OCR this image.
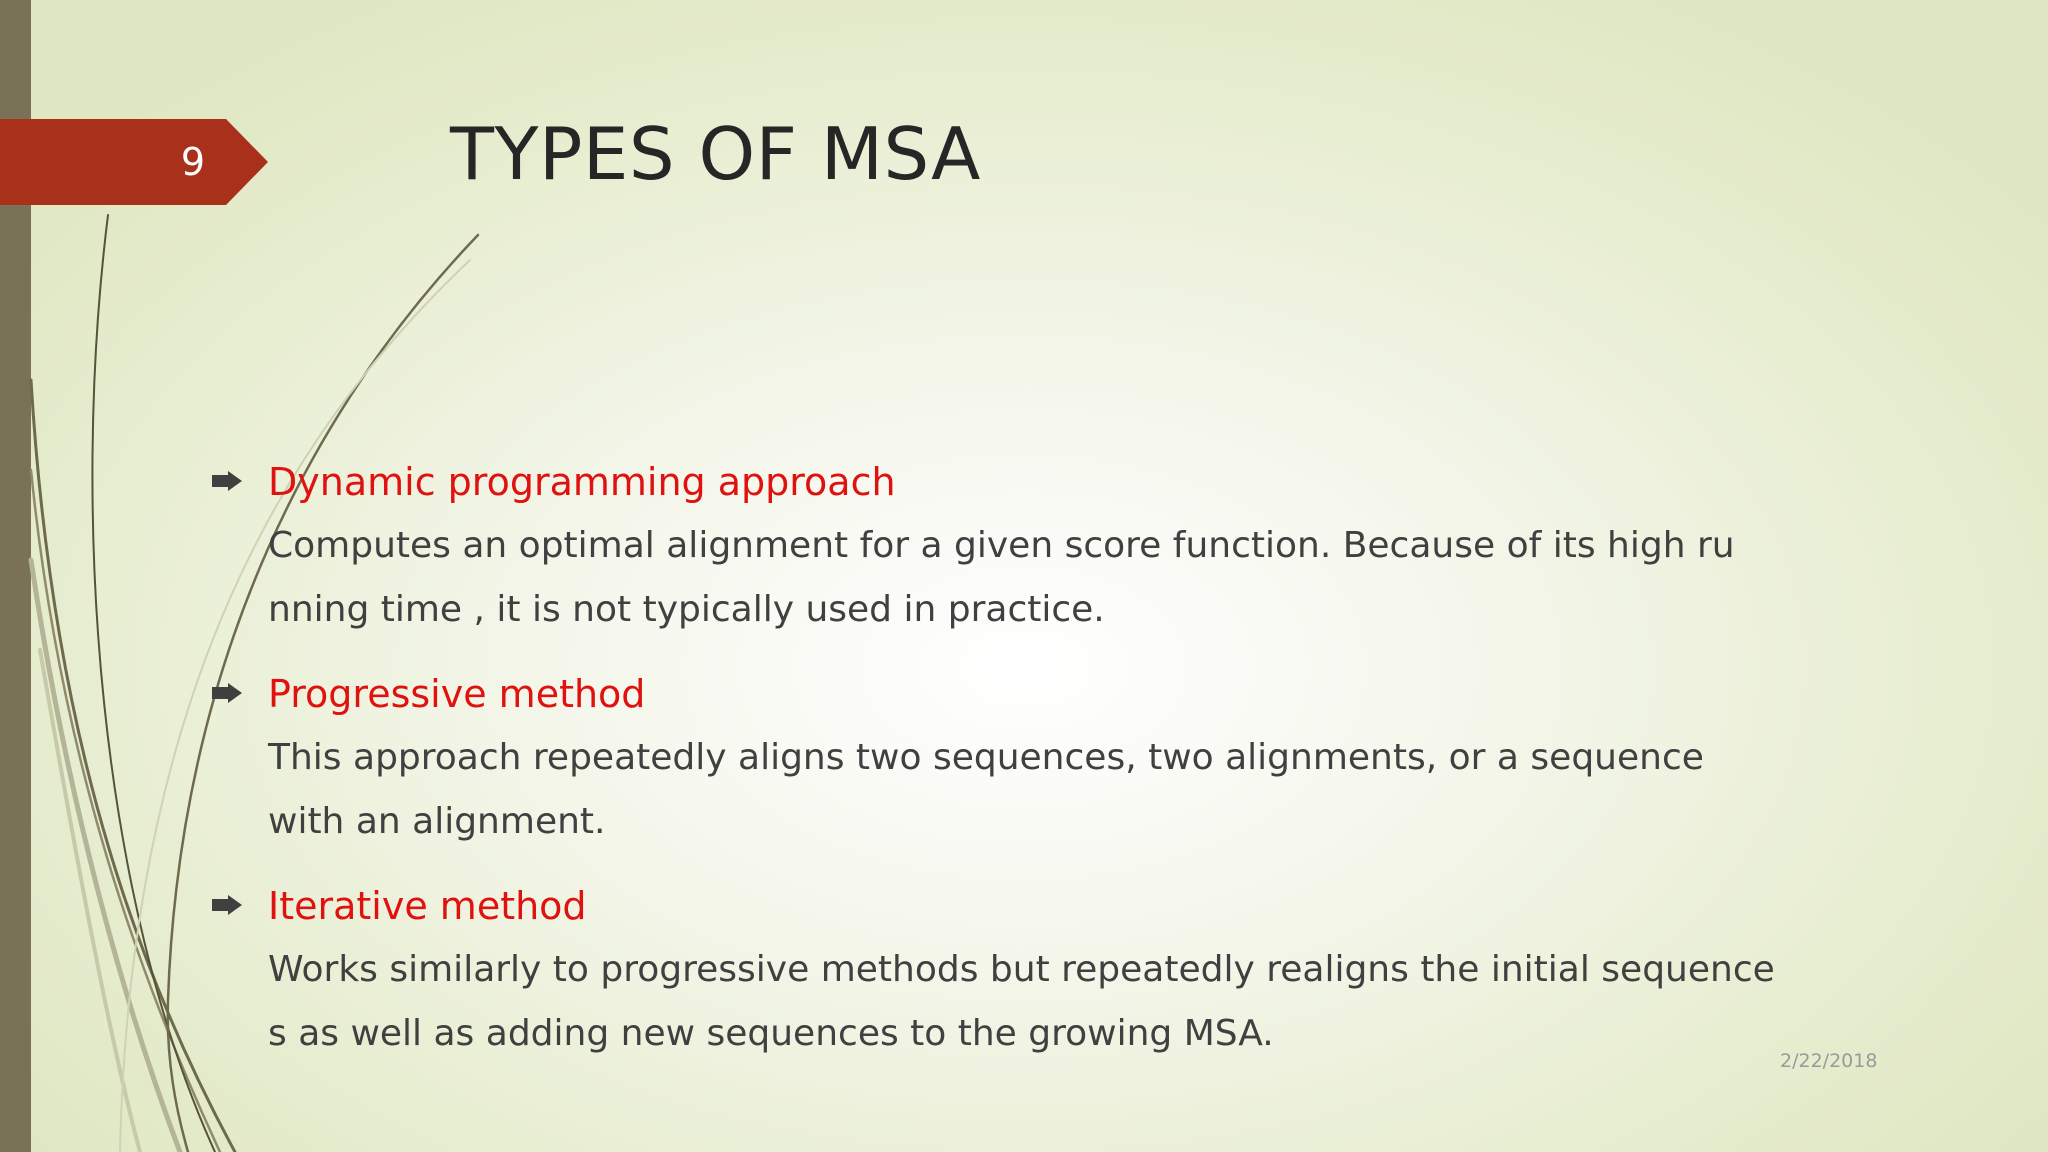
9	TYPES OF MSA
Dynamic programming approach
Computes an optimal alignment for a given score function. Because of its high ru
nning time , it is not typically used in practice.
Progressive method
This approach repeatedly aligns two sequences, two alignments, or a sequence
with an alignment.
Iterative method
Works similarly to progressive methods but repeatedly realigns the initial sequence
s as well as adding new sequences to the growing MSA.
2/22/2018
